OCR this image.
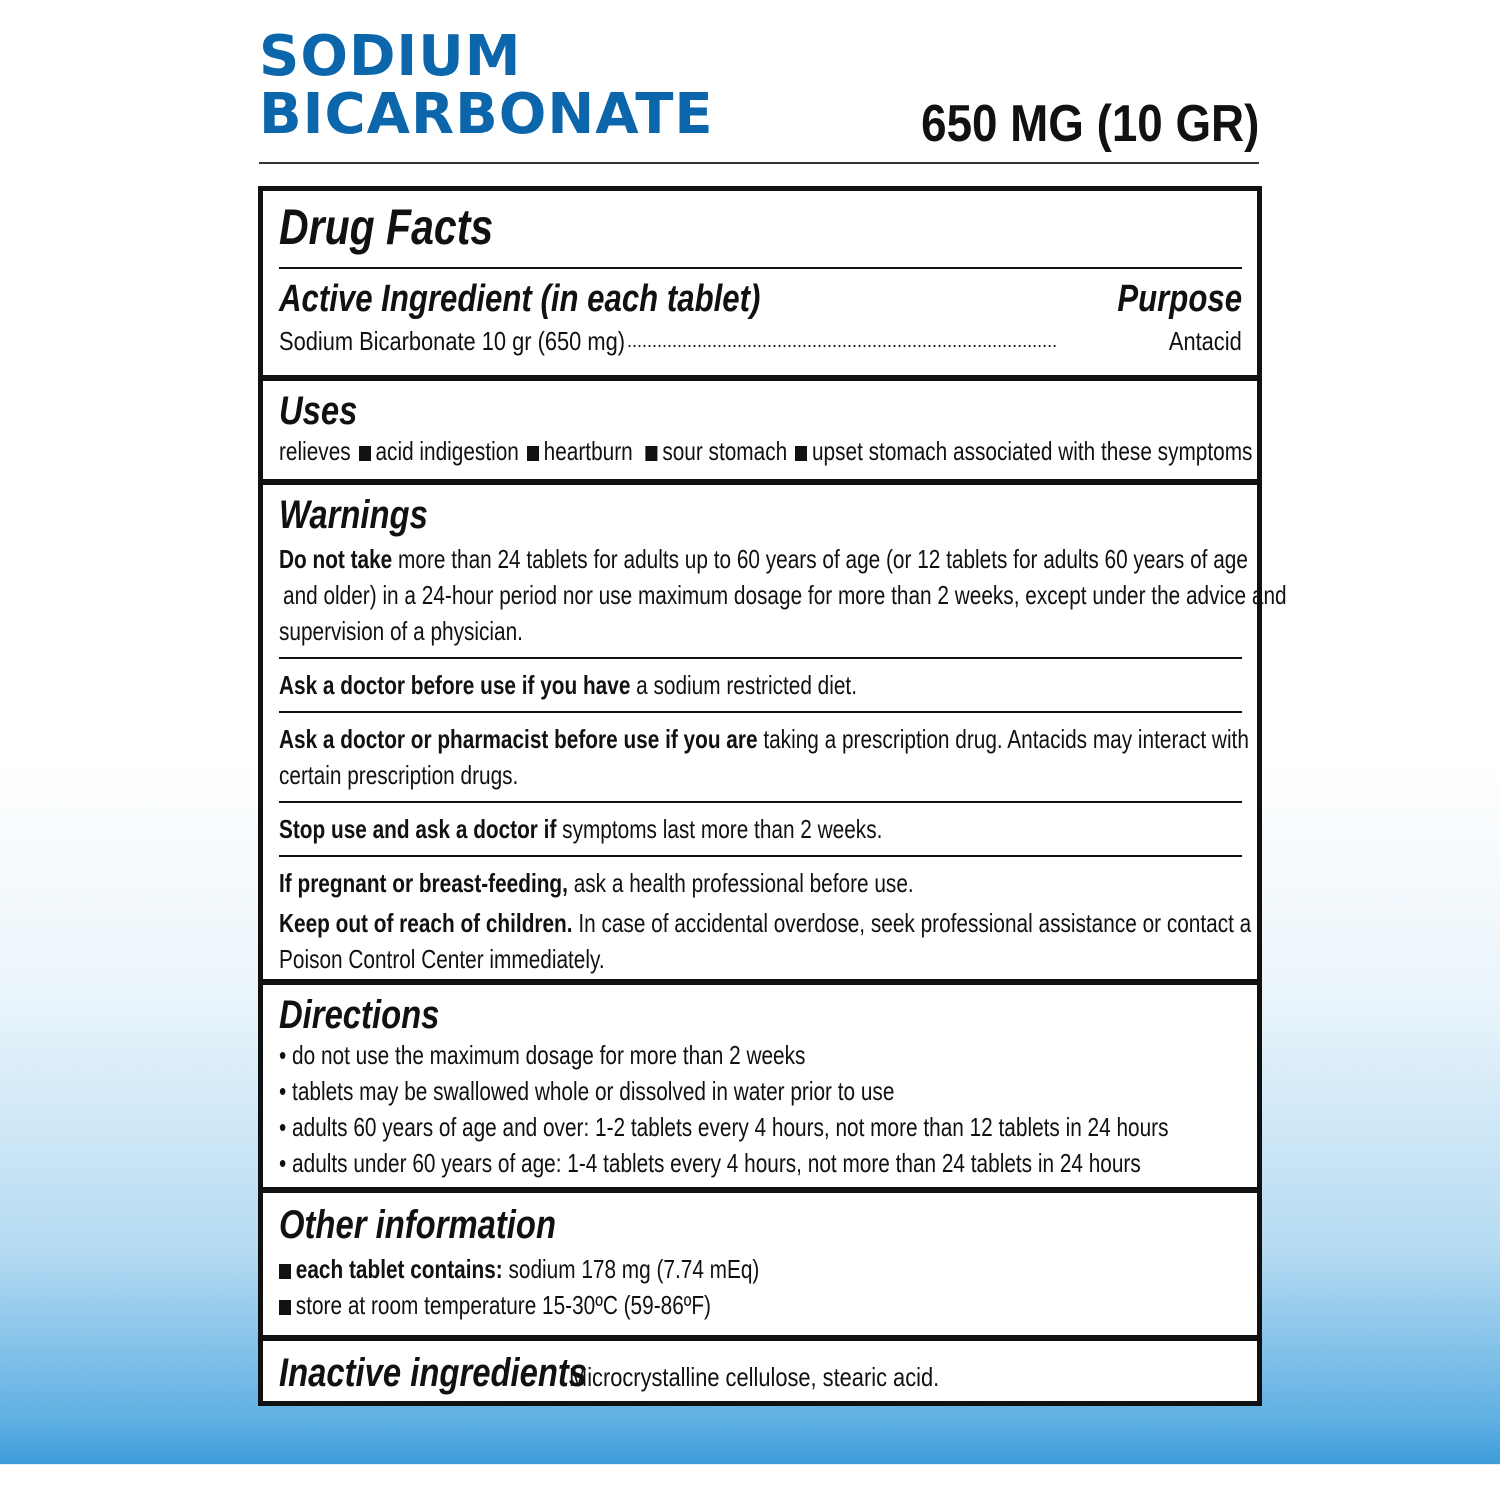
SODIUM
BICARBONATE	650 MG (10 GR)
Drug Facts
Active Ingredient (in each tablet)	Purpose
Sodium Bicarbonate 10 gr (650 mg) ......................................................................................	Antacid
Uses
relieves acid indigestion heartburn sour stomach upset stomach associated with these symptoms
Warnings
Do not take more than 24 tablets for adults up to 60 years of age (or 12 tablets for adults 60 years of age
and older) in a 24-hour period nor use maximum dosage for more than 2 weeks, except under the advice and
supervision of a physician.
Ask a doctor before use if you have a sodium restricted diet.
Ask a doctor or pharmacist before use if you are taking a prescription drug. Antacids may interact with
certain prescription drugs.
Stop use and ask a doctor if symptoms last more than 2 weeks.
If pregnant or breast-feeding, ask a health professional before use.
Keep out of reach of children. In case of accidental overdose, seek professional assistance or contact a
Poison Control Center immediately.
Directions
• do not use the maximum dosage for more than 2 weeks
• tablets may be swallowed whole or dissolved in water prior to use
• adults 60 years of age and over: 1-2 tablets every 4 hours, not more than 12 tablets in 24 hours
• adults under 60 years of age: 1-4 tablets every 4 hours, not more than 24 tablets in 24 hours
Other information
each tablet contains: sodium 178 mg (7.74 mEq)
store at room temperature 15-30ºC (59-86ºF)
Inactive ingredients
Microcrystalline cellulose, stearic acid.
